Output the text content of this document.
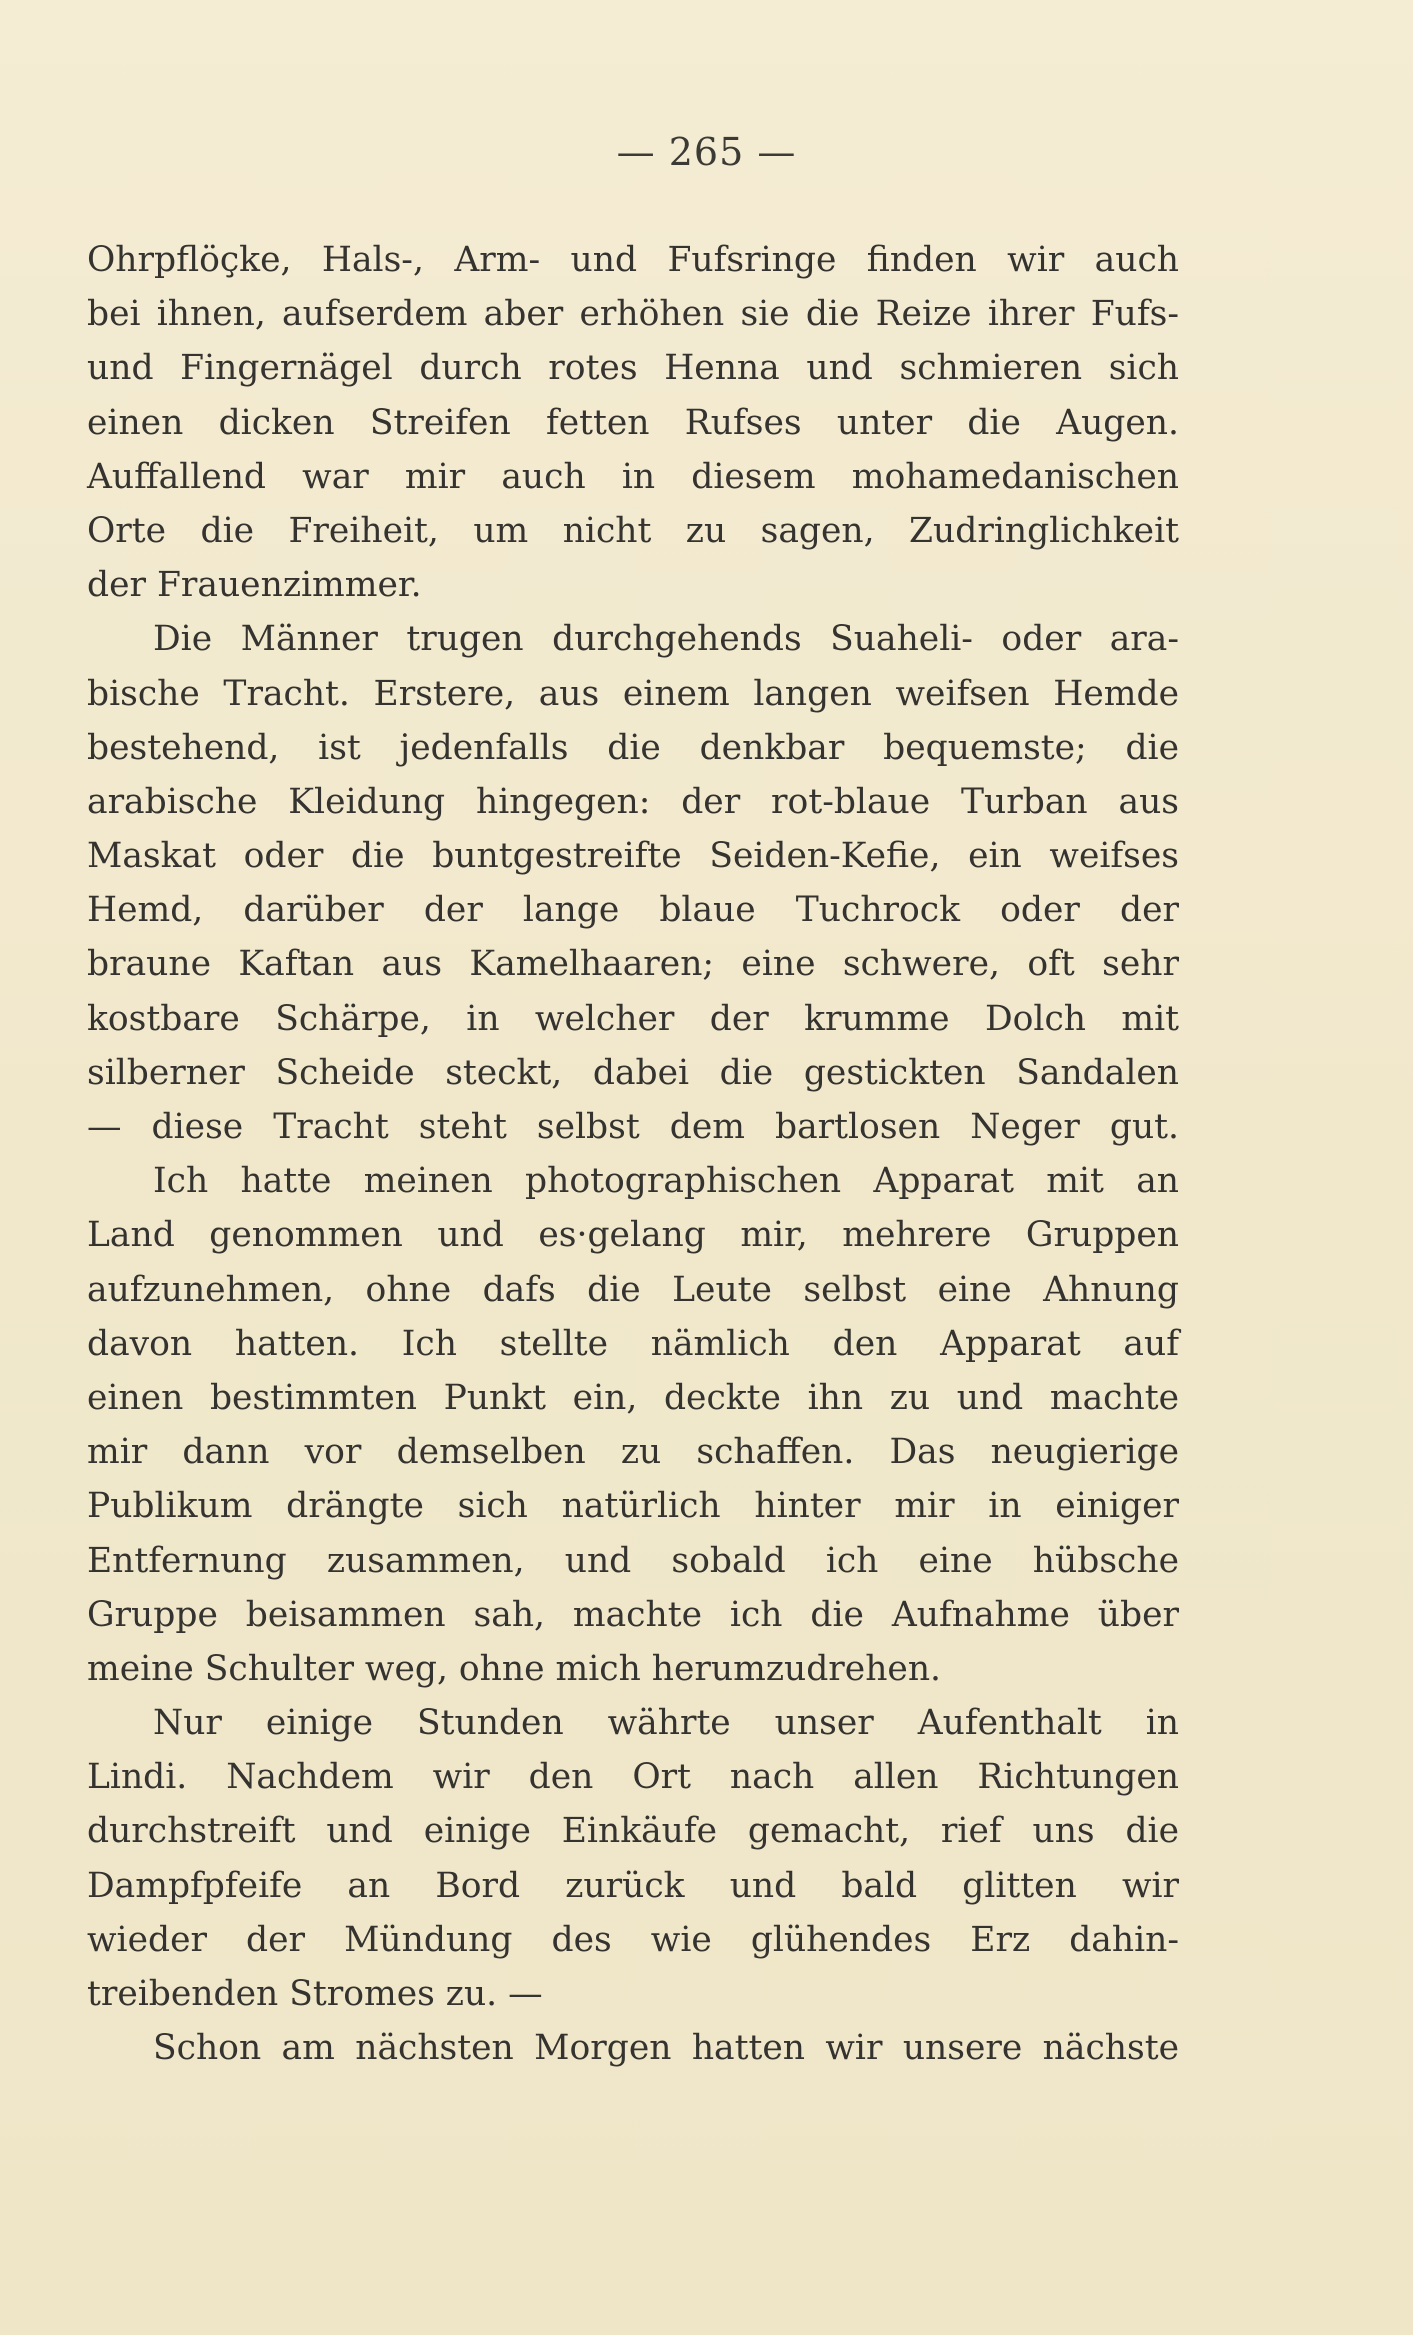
— 265 —
Ohrpflöçke, Hals-, Arm- und Fufsringe finden wir auch
bei ihnen, aufserdem aber erhöhen sie die Reize ihrer Fufs-
und Fingernägel durch rotes Henna und schmieren sich
einen dicken Streifen fetten Rufses unter die Augen.
Auffallend war mir auch in diesem mohamedanischen
Orte die Freiheit, um nicht zu sagen, Zudringlichkeit
der Frauenzimmer.
Die Männer trugen durchgehends Suaheli- oder ara-
bische Tracht. Erstere, aus einem langen weifsen Hemde
bestehend, ist jedenfalls die denkbar bequemste; die
arabische Kleidung hingegen: der rot-blaue Turban aus
Maskat oder die buntgestreifte Seiden-Kefie, ein weifses
Hemd, darüber der lange blaue Tuchrock oder der
braune Kaftan aus Kamelhaaren; eine schwere, oft sehr
kostbare Schärpe, in welcher der krumme Dolch mit
silberner Scheide steckt, dabei die gestickten Sandalen
— diese Tracht steht selbst dem bartlosen Neger gut.
Ich hatte meinen photographischen Apparat mit an
Land genommen und es·gelang mir, mehrere Gruppen
aufzunehmen, ohne dafs die Leute selbst eine Ahnung
davon hatten. Ich stellte nämlich den Apparat auf
einen bestimmten Punkt ein, deckte ihn zu und machte
mir dann vor demselben zu schaffen. Das neugierige
Publikum drängte sich natürlich hinter mir in einiger
Entfernung zusammen, und sobald ich eine hübsche
Gruppe beisammen sah, machte ich die Aufnahme über
meine Schulter weg, ohne mich herumzudrehen.
Nur einige Stunden währte unser Aufenthalt in
Lindi. Nachdem wir den Ort nach allen Richtungen
durchstreift und einige Einkäufe gemacht, rief uns die
Dampfpfeife an Bord zurück und bald glitten wir
wieder der Mündung des wie glühendes Erz dahin-
treibenden Stromes zu. —
Schon am nächsten Morgen hatten wir unsere nächste
